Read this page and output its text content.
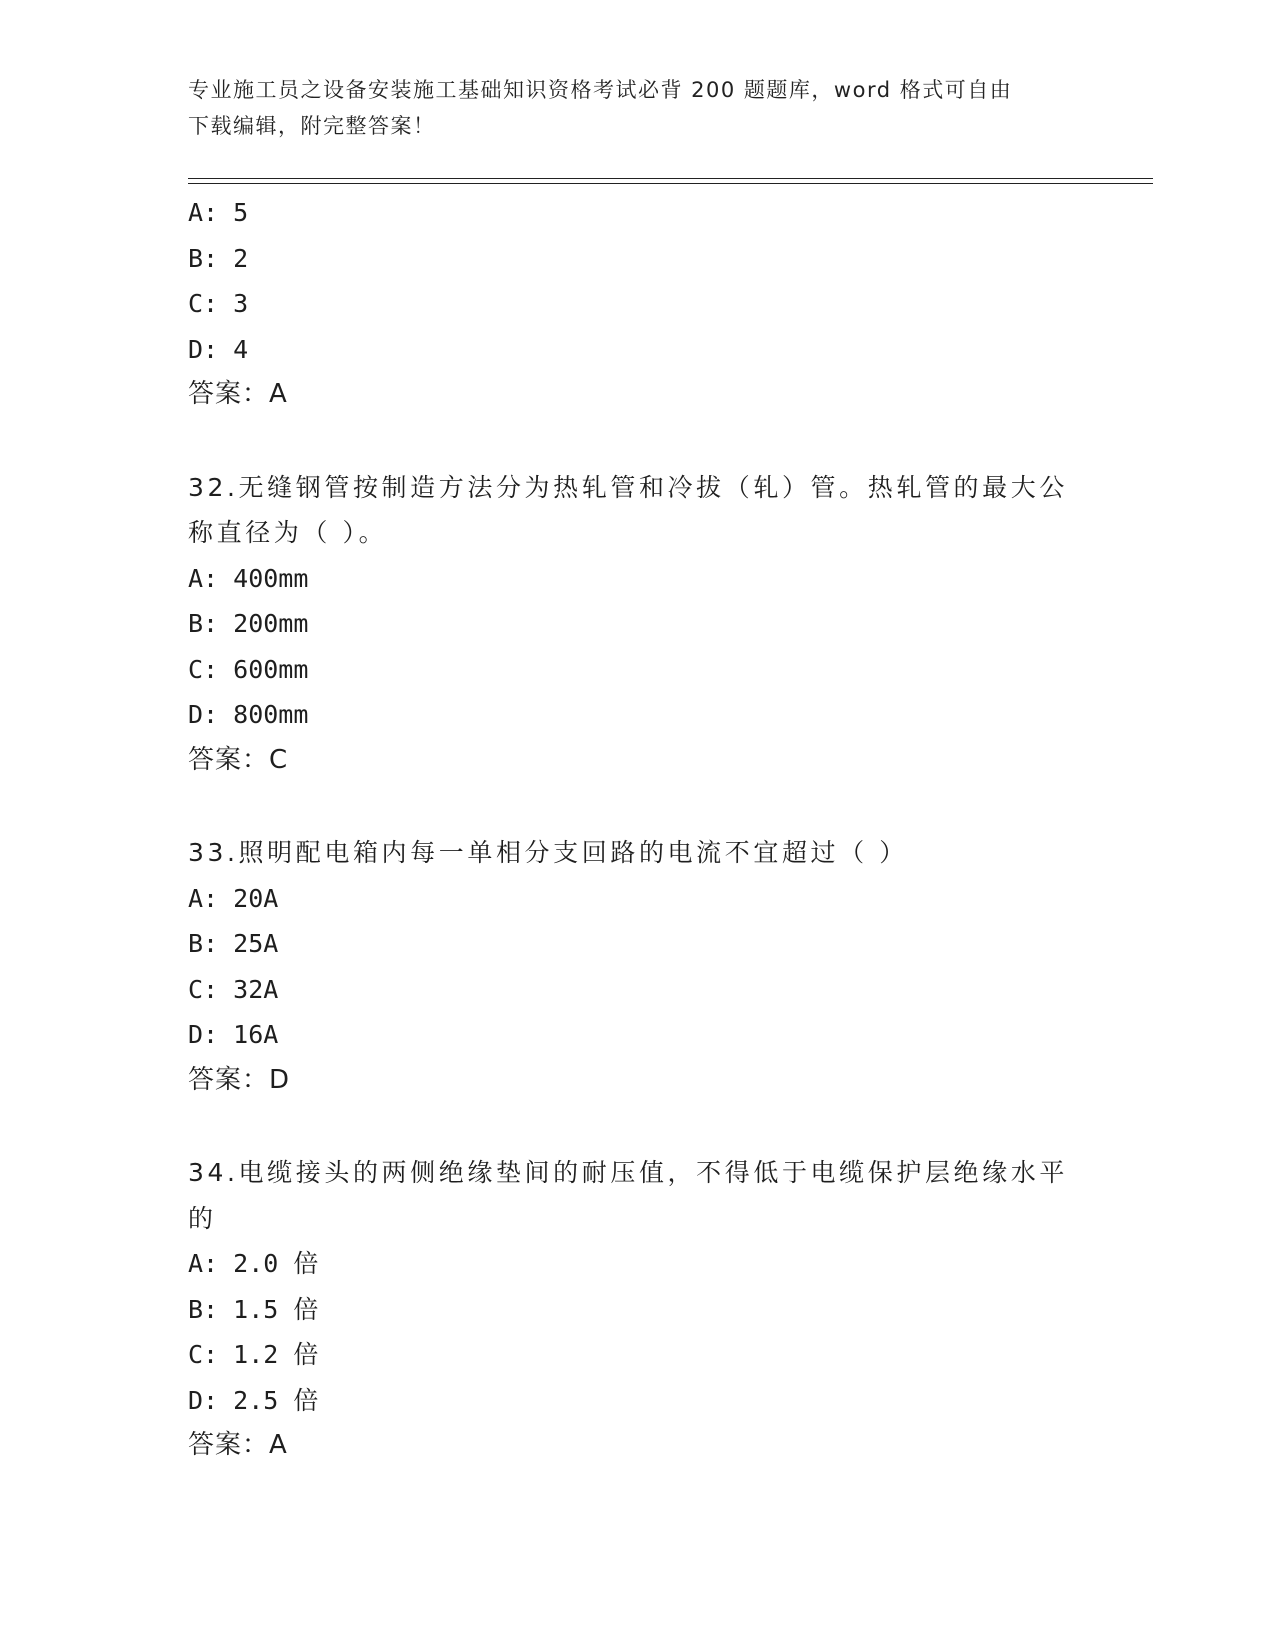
专业施工员之设备安装施工基础知识资格考试必背 200 题题库，word 格式可自由
下载编辑，附完整答案！
A: 5
B: 2
C: 3
D: 4
答案：A
32.无缝钢管按制造方法分为热轧管和冷拔（轧）管。热轧管的最大公
称直径为（ ）。
A: 400mm
B: 200mm
C: 600mm
D: 800mm
答案：C
33.照明配电箱内每一单相分支回路的电流不宜超过（ ）
A: 20A
B: 25A
C: 32A
D: 16A
答案：D
34.电缆接头的两侧绝缘垫间的耐压值，不得低于电缆保护层绝缘水平
的
A: 2.0 倍
B: 1.5 倍
C: 1.2 倍
D: 2.5 倍
答案：A
